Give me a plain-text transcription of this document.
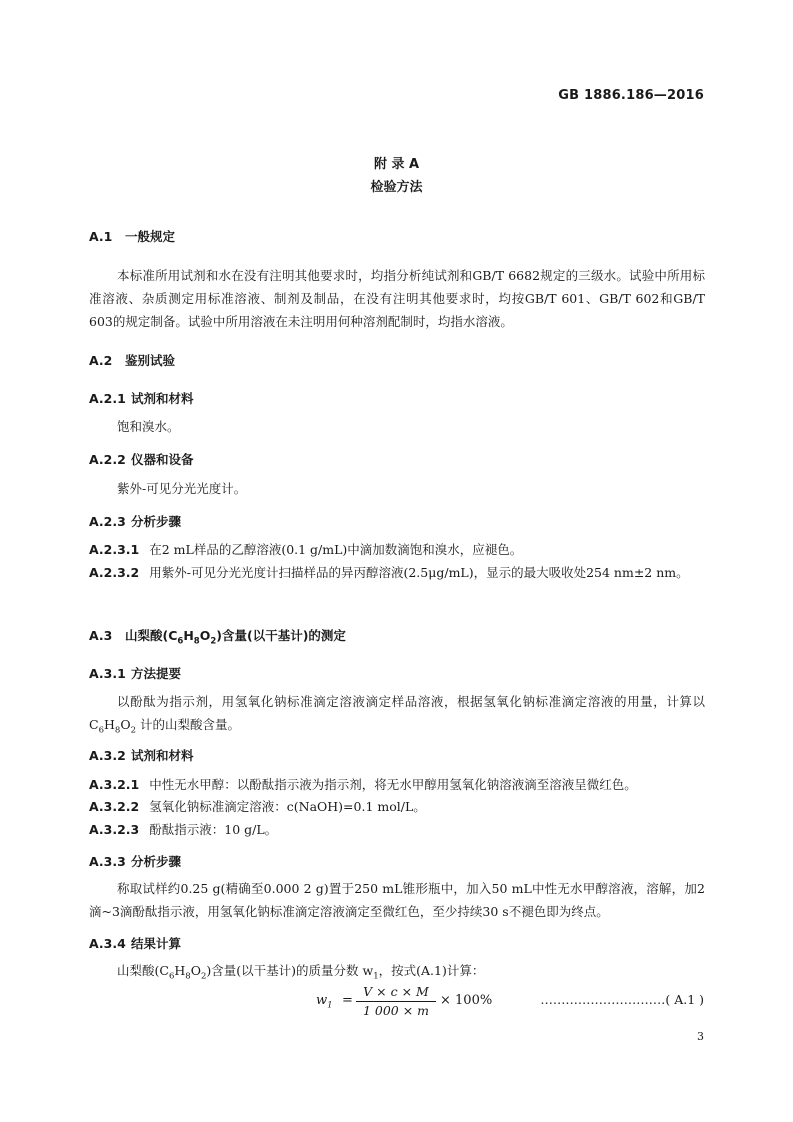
GB 1886.186—2016
附 录 A
检验方法
A.1 一般规定
本标准所用试剂和水在没有注明其他要求时，均指分析纯试剂和GB/T 6682规定的三级水。试验中所用标准溶液、杂质测定用标准溶液、制剂及制品，在没有注明其他要求时，均按GB/T 601、GB/T 602和GB/T 603的规定制备。试验中所用溶液在未注明用何种溶剂配制时，均指水溶液。
A.2 鉴别试验
A.2.1 试剂和材料
饱和溴水。
A.2.2 仪器和设备
紫外-可见分光光度计。
A.2.3 分析步骤
A.2.3.1 在2 mL样品的乙醇溶液(0.1 g/mL)中滴加数滴饱和溴水，应褪色。
A.2.3.2 用紫外-可见分光光度计扫描样品的异丙醇溶液(2.5μg/mL)，显示的最大吸收处254 nm±2 nm。
A.3 山梨酸$(C_6H_8O_2)$含量(以干基计)的测定
A.3.1 方法提要
以酚酞为指示剂，用氢氧化钠标准滴定溶液滴定样品溶液，根据氢氧化钠标准滴定溶液的用量，计算以 $C_6H_8O_2$ 计的山梨酸含量。
A.3.2 试剂和材料
A.3.2.1 中性无水甲醇：以酚酞指示液为指示剂，将无水甲醇用氢氧化钠溶液滴至溶液呈微红色。
A.3.2.2 氢氧化钠标准滴定溶液：c(NaOH)=0.1 mol/L。
A.3.2.3 酚酞指示液：10 g/L。
A.3.3 分析步骤
称取试样约0.25 g(精确至0.000 2 g)置于250 mL锥形瓶中，加入50 mL中性无水甲醇溶液，溶解，加2滴~3滴酚酞指示液，用氢氧化钠标准滴定溶液滴定至微红色，至少持续30 s不褪色即为终点。
A.3.4 结果计算
山梨酸$(C_6H_8O_2)$含量(以干基计)的质量分数 $w_1$，按式(A.1)计算：
$w_1$ =
V × c × M
1 000 × m
× 100%	…………………………( A.1 )
3
